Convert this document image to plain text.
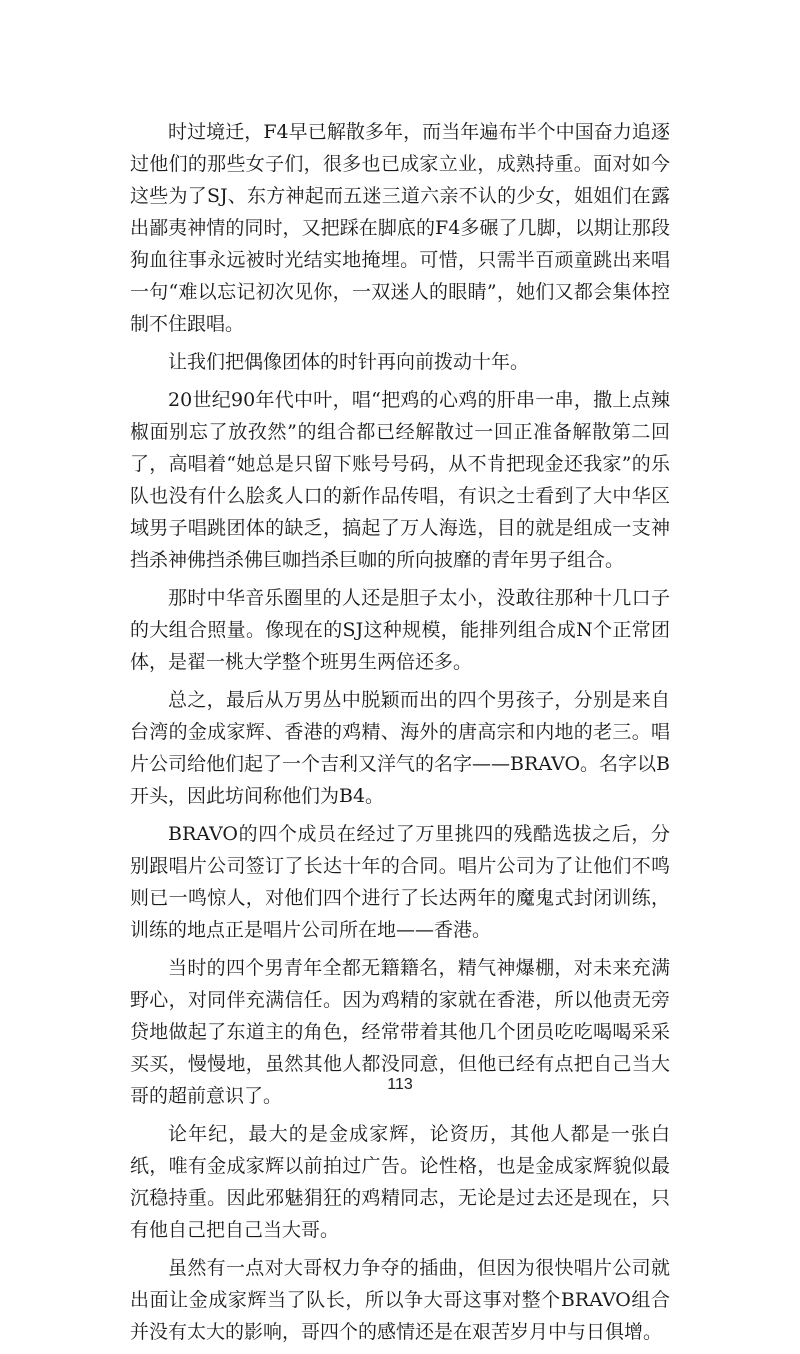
时过境迁，F4早已解散多年，而当年遍布半个中国奋力追逐过他们的那些女子们，很多也已成家立业，成熟持重。面对如今这些为了SJ、东方神起而五迷三道六亲不认的少女，姐姐们在露出鄙夷神情的同时，又把踩在脚底的F4多碾了几脚，以期让那段狗血往事永远被时光结实地掩埋。可惜，只需半百顽童跳出来唱一句“难以忘记初次见你，一双迷人的眼睛”，她们又都会集体控制不住跟唱。

让我们把偶像团体的时针再向前拨动十年。

20世纪90年代中叶，唱“把鸡的心鸡的肝串一串，撒上点辣椒面别忘了放孜然”的组合都已经解散过一回正准备解散第二回了，高唱着“她总是只留下账号号码，从不肯把现金还我家”的乐队也没有什么脍炙人口的新作品传唱，有识之士看到了大中华区域男子唱跳团体的缺乏，搞起了万人海选，目的就是组成一支神挡杀神佛挡杀佛巨咖挡杀巨咖的所向披靡的青年男子组合。

那时中华音乐圈里的人还是胆子太小，没敢往那种十几口子的大组合照量。像现在的SJ这种规模，能排列组合成N个正常团体，是翟一桃大学整个班男生两倍还多。

总之，最后从万男丛中脱颖而出的四个男孩子，分别是来自台湾的金成家辉、香港的鸡精、海外的唐高宗和内地的老三。唱片公司给他们起了一个吉利又洋气的名字——BRAVO。名字以B开头，因此坊间称他们为B4。

BRAVO的四个成员在经过了万里挑四的残酷选拔之后，分别跟唱片公司签订了长达十年的合同。唱片公司为了让他们不鸣则已一鸣惊人，对他们四个进行了长达两年的魔鬼式封闭训练，训练的地点正是唱片公司所在地——香港。

当时的四个男青年全都无籍籍名，精气神爆棚，对未来充满野心，对同伴充满信任。因为鸡精的家就在香港，所以他责无旁贷地做起了东道主的角色，经常带着其他几个团员吃吃喝喝采采买买，慢慢地，虽然其他人都没同意，但他已经有点把自己当大哥的超前意识了。

论年纪，最大的是金成家辉，论资历，其他人都是一张白纸，唯有金成家辉以前拍过广告。论性格，也是金成家辉貌似最沉稳持重。因此邪魅狷狂的鸡精同志，无论是过去还是现在，只有他自己把自己当大哥。

虽然有一点对大哥权力争夺的插曲，但因为很快唱片公司就出面让金成家辉当了队长，所以争大哥这事对整个BRAVO组合并没有太大的影响，哥四个的感情还是在艰苦岁月中与日俱增。

113
